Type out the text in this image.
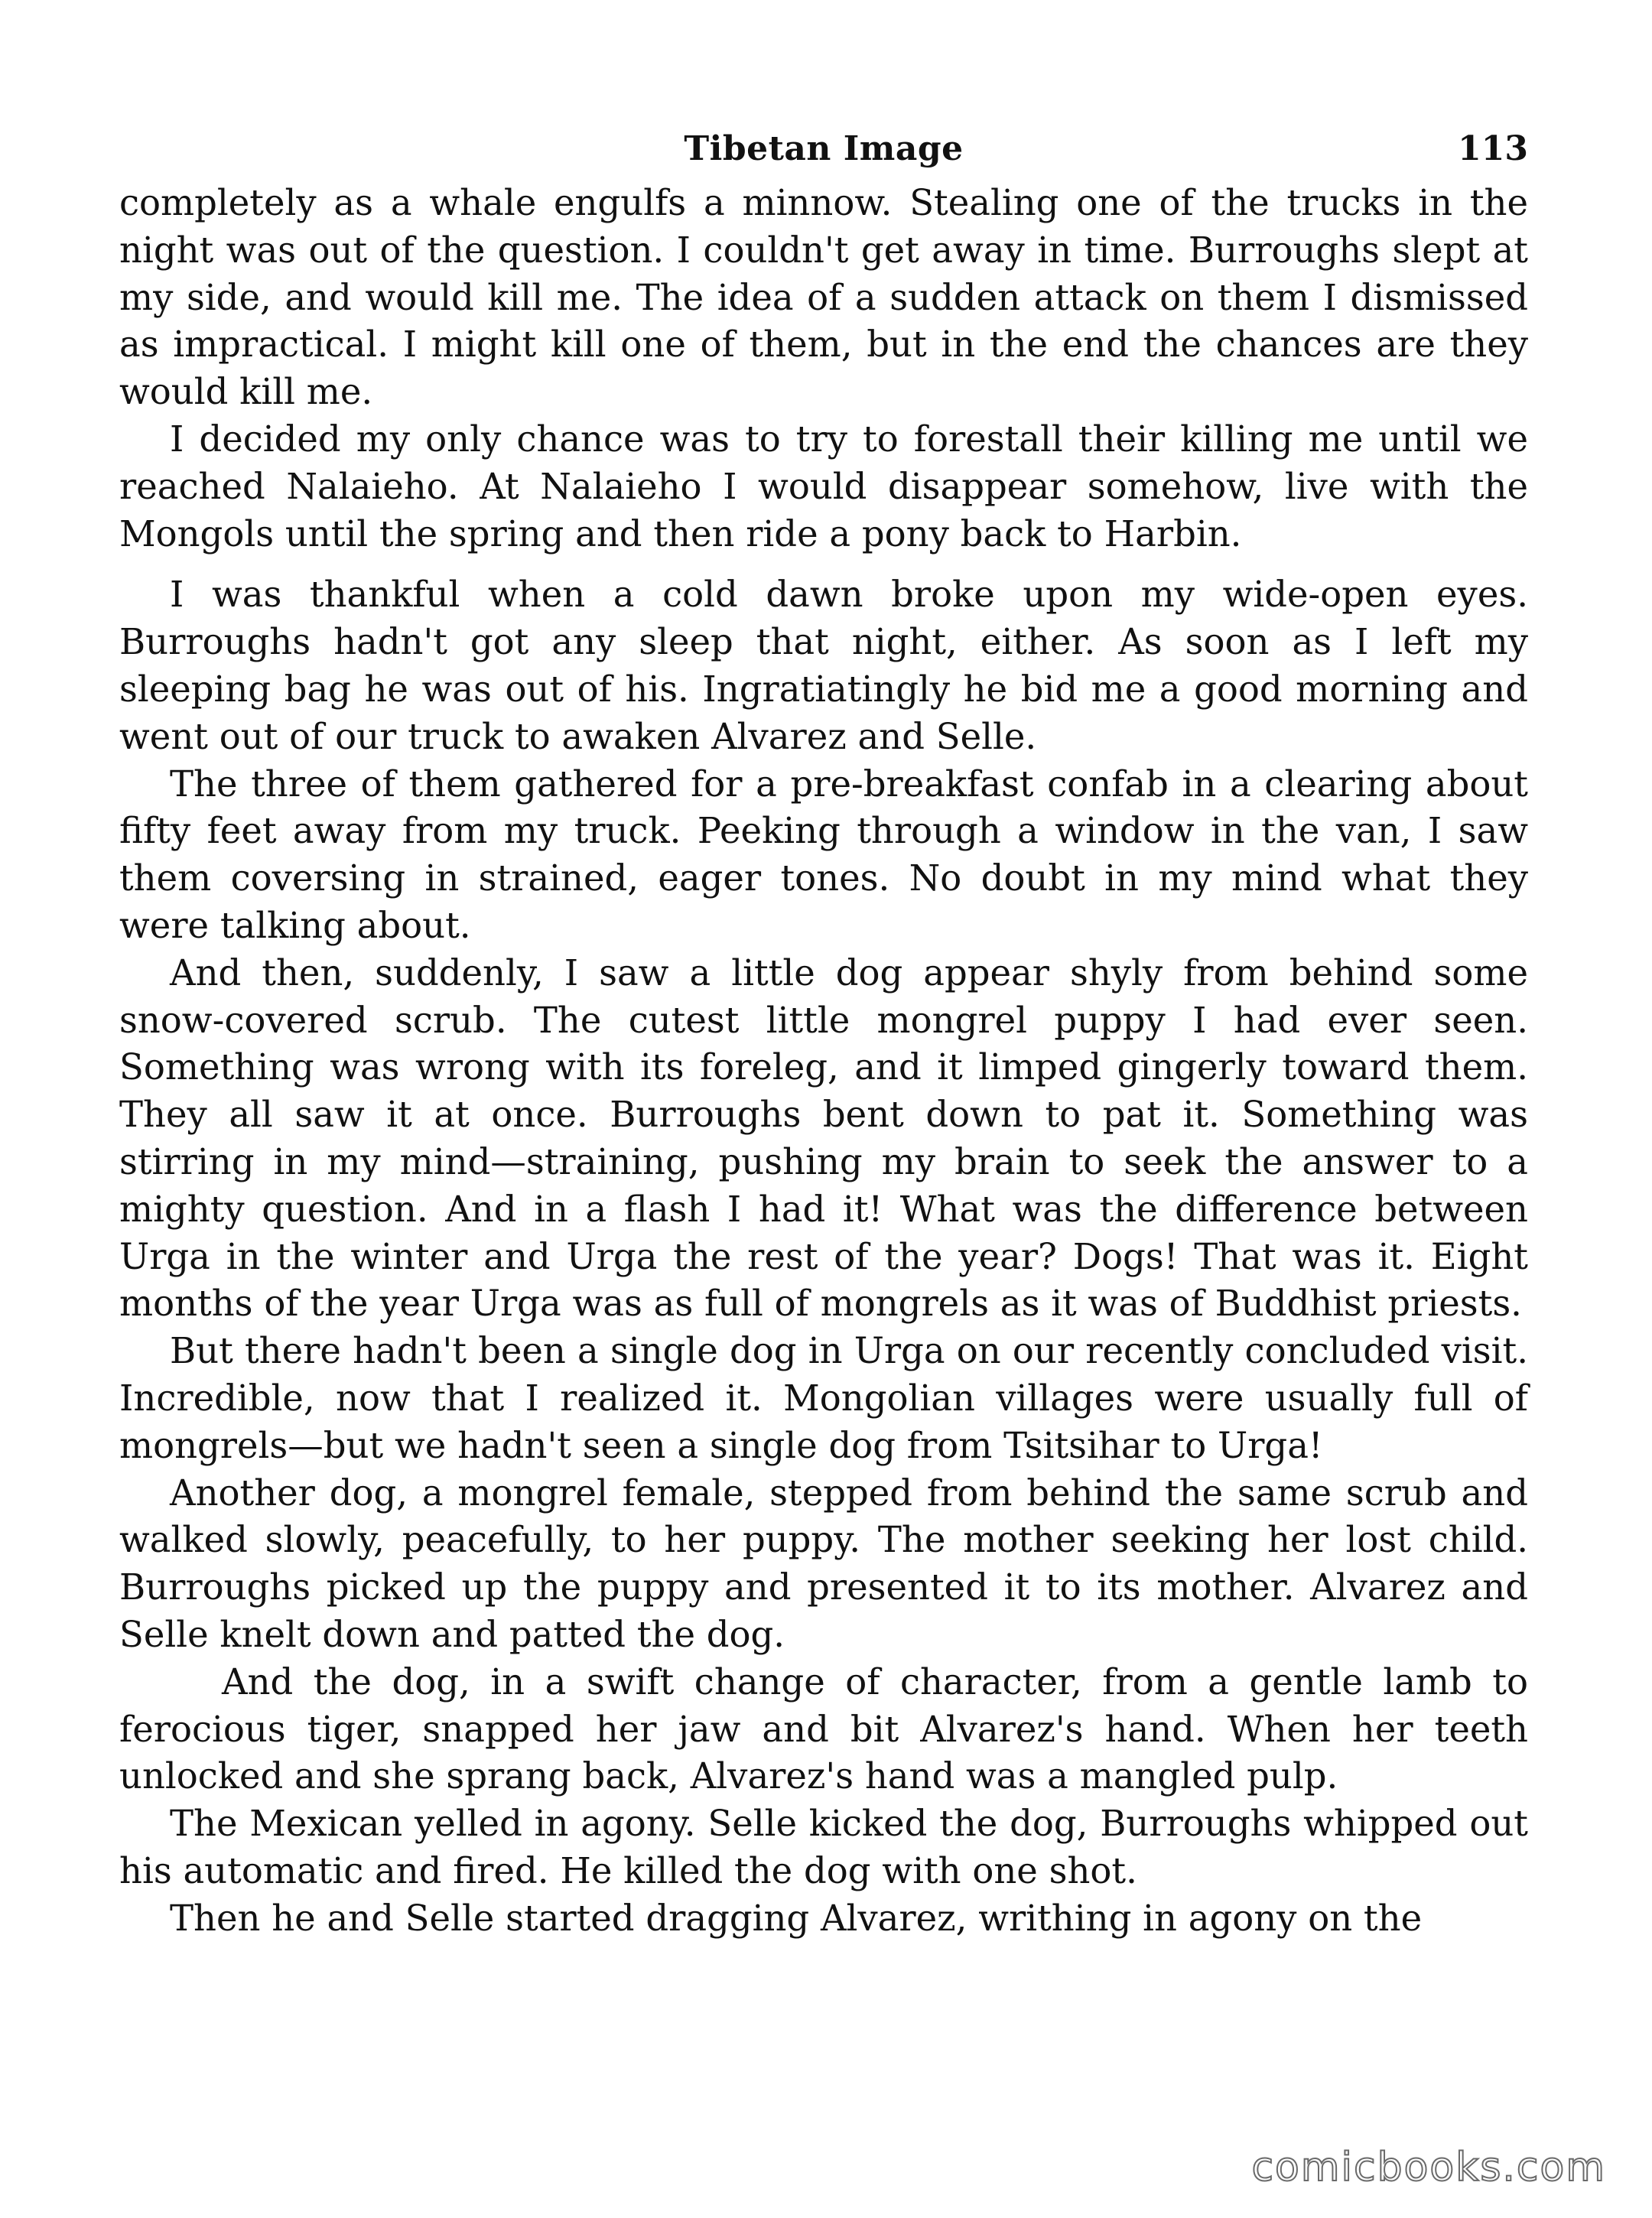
Tibetan Image	113

completely as a whale engulfs a minnow. Stealing one of the trucks in the night was out of the question. I couldn't get away in time. Burroughs slept at my side, and would kill me. The idea of a sudden attack on them I dismissed as impractical. I might kill one of them, but in the end the chances are they would kill me.

I decided my only chance was to try to forestall their killing me until we reached Nalaieho. At Nalaieho I would disappear somehow, live with the Mongols until the spring and then ride a pony back to Harbin.

I was thankful when a cold dawn broke upon my wide-open eyes. Burroughs hadn't got any sleep that night, either. As soon as I left my sleeping bag he was out of his. Ingratiatingly he bid me a good morning and went out of our truck to awaken Alvarez and Selle.

The three of them gathered for a pre-breakfast confab in a clearing about fifty feet away from my truck. Peeking through a window in the van, I saw them coversing in strained, eager tones. No doubt in my mind what they were talking about.

And then, suddenly, I saw a little dog appear shyly from behind some snow-covered scrub. The cutest little mongrel puppy I had ever seen. Something was wrong with its foreleg, and it limped gingerly toward them. They all saw it at once. Burroughs bent down to pat it. Something was stirring in my mind—straining, pushing my brain to seek the answer to a mighty question. And in a flash I had it! What was the difference between Urga in the winter and Urga the rest of the year? Dogs! That was it. Eight months of the year Urga was as full of mongrels as it was of Buddhist priests.

But there hadn't been a single dog in Urga on our recently concluded visit. Incredible, now that I realized it. Mongolian villages were usually full of mongrels—but we hadn't seen a single dog from Tsitsihar to Urga!

Another dog, a mongrel female, stepped from behind the same scrub and walked slowly, peacefully, to her puppy. The mother seeking her lost child. Burroughs picked up the puppy and presented it to its mother. Alvarez and Selle knelt down and patted the dog.

And the dog, in a swift change of character, from a gentle lamb to ferocious tiger, snapped her jaw and bit Alvarez's hand. When her teeth unlocked and she sprang back, Alvarez's hand was a mangled pulp.

The Mexican yelled in agony. Selle kicked the dog, Burroughs whipped out his automatic and fired. He killed the dog with one shot.

Then he and Selle started dragging Alvarez, writhing in agony on the

comicbooks.com
